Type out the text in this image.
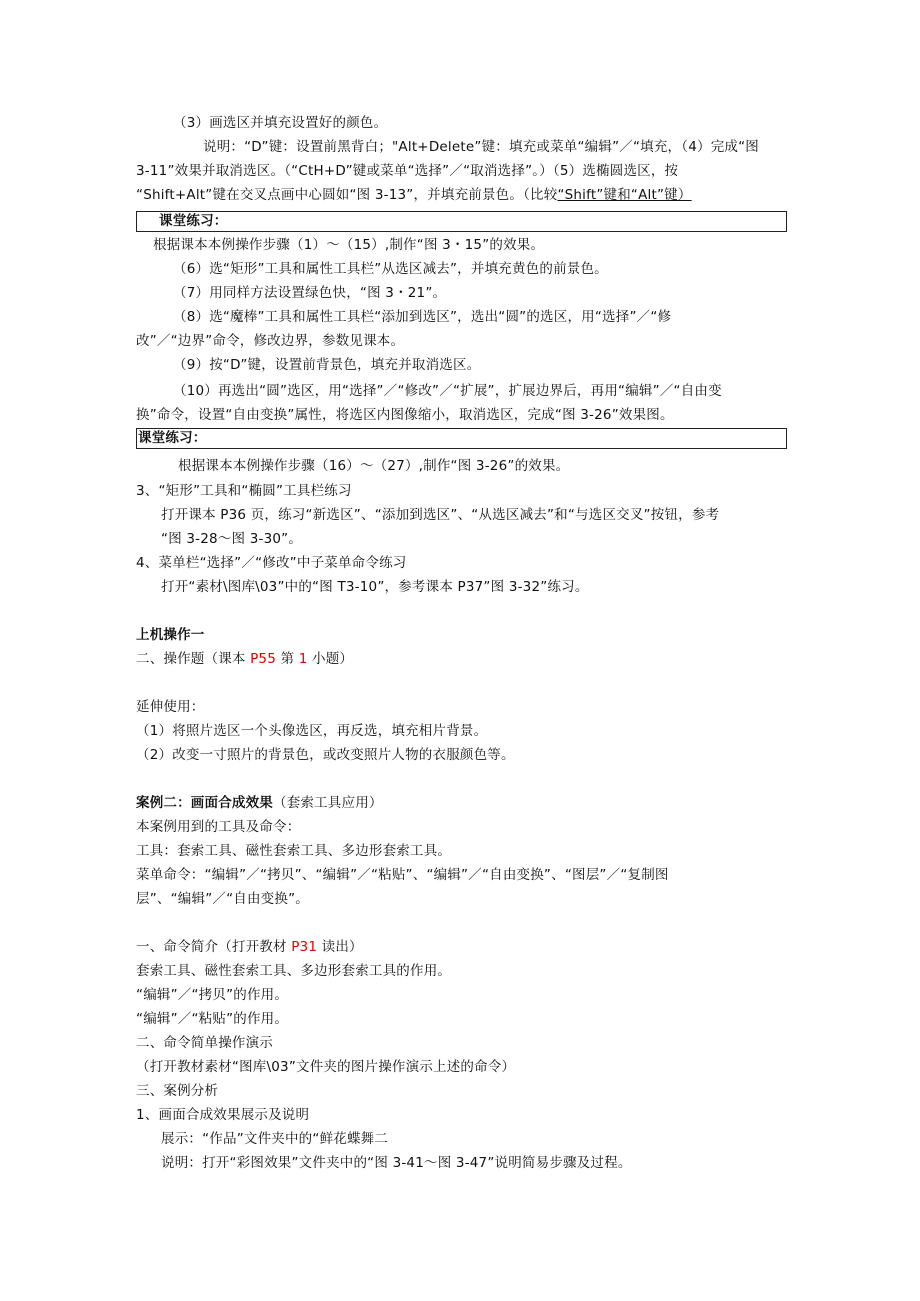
（3）画选区并填充设置好的颜色。
说明：“D”键：设置前黑背白；"Alt+Delete”键：填充或菜单“编辑”／“填充，（4）完成“图
3-11”效果并取消选区。（“CtH+D”键或菜单“选择”／“取消选择”。）（5）选椭圆选区，按
“Shift+Alt”键在交叉点画中心圆如“图 3-13”，并填充前景色。（比较“Shift”键和“Alt”键）
课堂练习：
根据课本本例操作步骤（1）～（15）,制作“图 3・15”的效果。
（6）选“矩形”工具和属性工具栏”从选区减去”，并填充黄色的前景色。
（7）用同样方法设置绿色快，“图 3・21”。
（8）选“魔棒”工具和属性工具栏“添加到选区”，选出“圆”的选区，用“选择”／“修
改”／“边界”命令，修改边界，参数见课本。
（9）按“D”键，设置前背景色，填充并取消选区。
（10）再选出“圆”选区，用“选择”／“修改”／“扩展”，扩展边界后，再用“编辑”／“自由变
换”命令，设置“自由变换”属性，将选区内图像缩小，取消选区，完成“图 3-26”效果图。
课堂练习：
根据课本本例操作步骤（16）～（27）,制作“图 3-26”的效果。
3、“矩形”工具和“椭圆”工具栏练习
打开课本 P36 页，练习“新选区”、“添加到选区”、“从选区减去”和“与选区交叉”按钮，参考
“图 3-28～图 3-30”。
4、菜单栏“选择”／“修改”中子菜单命令练习
打开“素材\图库\03”中的“图 T3-10”，参考课本 P37”图 3-32”练习。
上机操作一
二、操作题（课本 P55 第 1 小题）
延伸使用：
（1）将照片选区一个头像选区，再反选，填充相片背景。
（2）改变一寸照片的背景色，或改变照片人物的衣服颜色等。
案例二：画面合成效果（套索工具应用）
本案例用到的工具及命令：
工具：套索工具、磁性套索工具、多边形套索工具。
菜单命令：“编辑”／“拷贝”、“编辑”／“粘贴”、“编辑”／“自由变换”、“图层”／“复制图
层”、“编辑”／“自由变换”。
一、命令简介（打开教材 P31 读出）
套索工具、磁性套索工具、多边形套索工具的作用。
“编辑”／“拷贝”的作用。
“编辑”／“粘贴”的作用。
二、命令简单操作演示
（打开教材素材“图库\03”文件夹的图片操作演示上述的命令）
三、案例分析
1、画面合成效果展示及说明
展示：“作品”文件夹中的“鲜花蝶舞二
说明：打开“彩图效果”文件夹中的“图 3-41～图 3-47”说明简易步骤及过程。
